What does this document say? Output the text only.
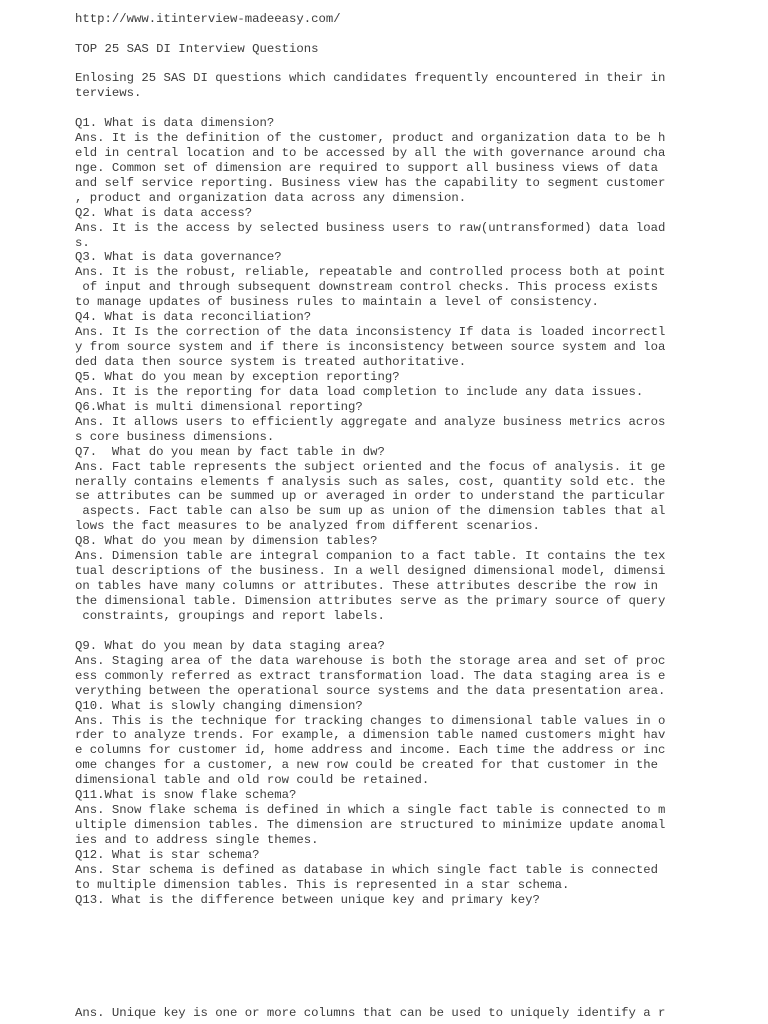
http://www.itinterview-madeeasy.com/
TOP 25 SAS DI Interview Questions
Enlosing 25 SAS DI questions which candidates frequently encountered in their in
terviews.
Q1. What is data dimension?
Ans. It is the definition of the customer, product and organization data to be h
eld in central location and to be accessed by all the with governance around cha
nge. Common set of dimension are required to support all business views of data
and self service reporting. Business view has the capability to segment customer
, product and organization data across any dimension.
Q2. What is data access?
Ans. It is the access by selected business users to raw(untransformed) data load
s.
Q3. What is data governance?
Ans. It is the robust, reliable, repeatable and controlled process both at point
of input and through subsequent downstream control checks. This process exists
to manage updates of business rules to maintain a level of consistency.
Q4. What is data reconciliation?
Ans. It Is the correction of the data inconsistency If data is loaded incorrectl
y from source system and if there is inconsistency between source system and loa
ded data then source system is treated authoritative.
Q5. What do you mean by exception reporting?
Ans. It is the reporting for data load completion to include any data issues.
Q6.What is multi dimensional reporting?
Ans. It allows users to efficiently aggregate and analyze business metrics acros
s core business dimensions.
Q7.  What do you mean by fact table in dw?
Ans. Fact table represents the subject oriented and the focus of analysis. it ge
nerally contains elements f analysis such as sales, cost, quantity sold etc. the
se attributes can be summed up or averaged in order to understand the particular
aspects. Fact table can also be sum up as union of the dimension tables that al
lows the fact measures to be analyzed from different scenarios.
Q8. What do you mean by dimension tables?
Ans. Dimension table are integral companion to a fact table. It contains the tex
tual descriptions of the business. In a well designed dimensional model, dimensi
on tables have many columns or attributes. These attributes describe the row in
the dimensional table. Dimension attributes serve as the primary source of query
constraints, groupings and report labels.
Q9. What do you mean by data staging area?
Ans. Staging area of the data warehouse is both the storage area and set of proc
ess commonly referred as extract transformation load. The data staging area is e
verything between the operational source systems and the data presentation area.
Q10. What is slowly changing dimension?
Ans. This is the technique for tracking changes to dimensional table values in o
rder to analyze trends. For example, a dimension table named customers might hav
e columns for customer id, home address and income. Each time the address or inc
ome changes for a customer, a new row could be created for that customer in the
dimensional table and old row could be retained.
Q11.What is snow flake schema?
Ans. Snow flake schema is defined in which a single fact table is connected to m
ultiple dimension tables. The dimension are structured to minimize update anomal
ies and to address single themes.
Q12. What is star schema?
Ans. Star schema is defined as database in which single fact table is connected
to multiple dimension tables. This is represented in a star schema.
Q13. What is the difference between unique key and primary key?
Ans. Unique key is one or more columns that can be used to uniquely identify a r
